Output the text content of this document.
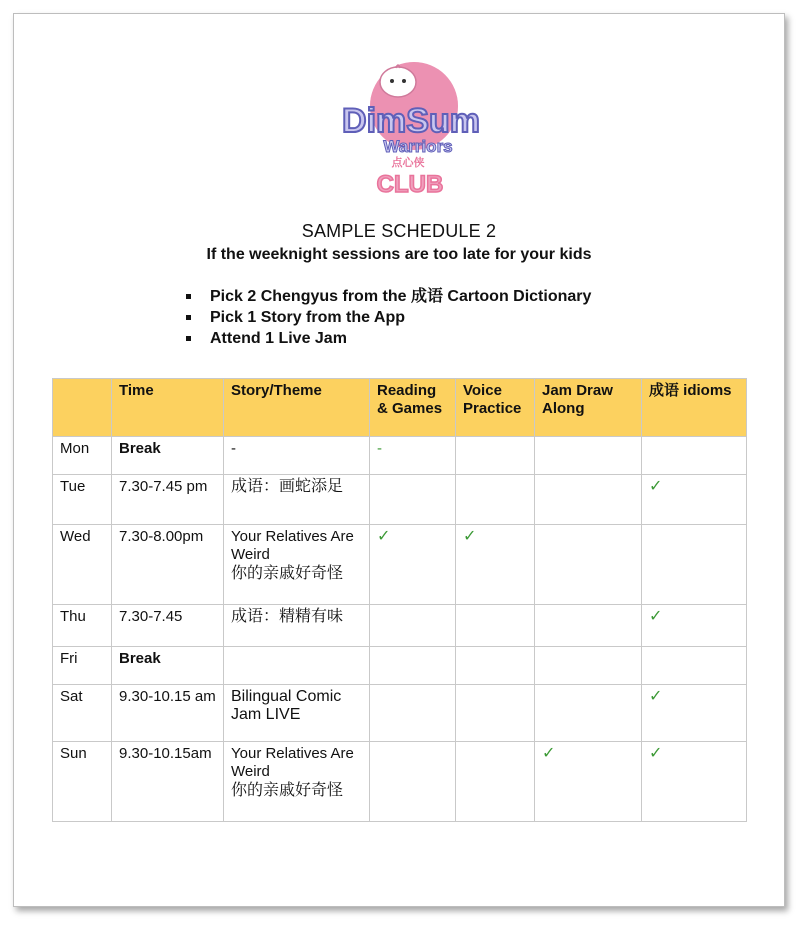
DimSum
Warriors
点心侠
CLUB
SAMPLE SCHEDULE 2
If the weeknight sessions are too late for your kids
Pick 2 Chengyus from the 成语 Cartoon Dictionary
Pick 1 Story from the App
Attend 1 Live Jam
	Time	Story/Theme	Reading & Games	Voice Practice	Jam Draw Along	成语 idioms
Mon	Break	-	-			
Tue	7.30-7.45 pm	成语：画蛇添足				✓
Wed	7.30-8.00pm	Your Relatives Are Weird
你的亲戚好奇怪	✓	✓		
Thu	7.30-7.45	成语：精精有味				✓
Fri	Break					
Sat	9.30-10.15 am	Bilingual Comic Jam LIVE				✓
Sun	9.30-10.15am	Your Relatives Are Weird
你的亲戚好奇怪			✓	✓
